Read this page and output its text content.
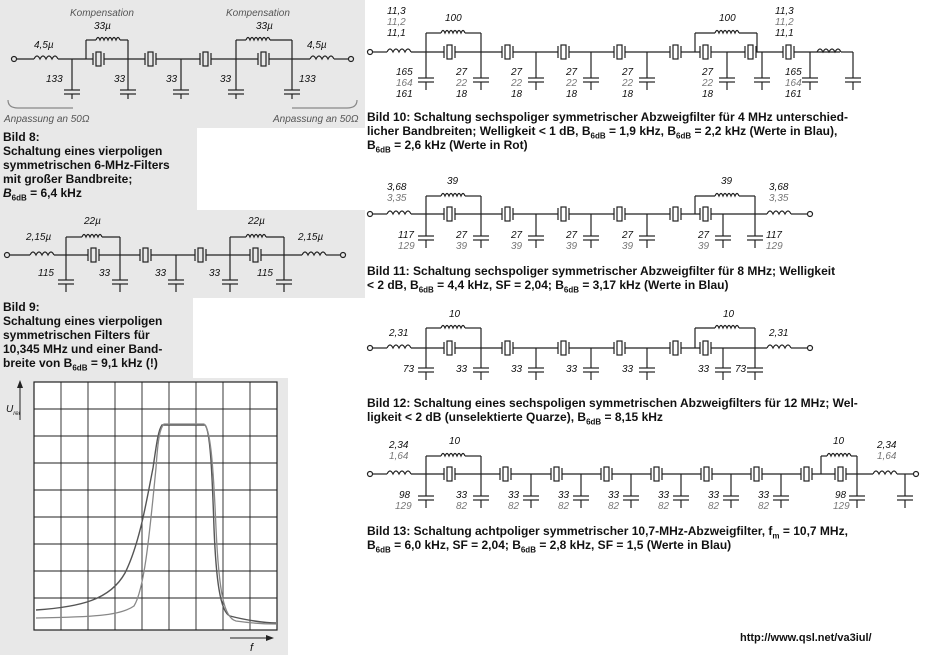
Kompensation	Kompensation
4,5µ	4,5µ
33µ	33µ
133	33	33	33	133
Anpassung an 50Ω	Anpassung an 50Ω
Bild 8:
Schaltung eines vierpoligen
symmetrischen 6-MHz-Filters
mit großer Bandbreite;
$B_{6dB} = 6,4$ kHz
2,15µ	2,15µ
22µ	22µ
115	33	33	33	115
Bild 9:
Schaltung eines vierpoligen
symmetrischen Filters für
10,345 MHz und einer Band-
breite von $B_{6dB} = 9,1$ kHz (!)
$U_{rel}$
f
11,3
11,2
11,1
100	100
11,3
11,2
11,1
165
164
161
27
22
18
27
22
18
27
22
18
27
22
18
27
22
18
165
164
161
Bild 10: Schaltung sechspoliger symmetrischer Abzweigfilter für 4 MHz unterschied-
licher Bandbreiten; Welligkeit < 1 dB, $B_{6dB} = 1,9$ kHz, $B_{6dB} = 2,2$ kHz (Werte in Blau),
$B_{6dB} = 2,6$ kHz (Werte in Rot)
3,68
3,35
39	39
3,68
3,35
117
129
27
39
27
39
27
39
27
39
27
39
117
129
Bild 11: Schaltung sechspoliger symmetrischer Abzweigfilter für 8 MHz; Welligkeit
< 2 dB, $B_{6dB} = 4,4$ kHz, SF = 2,04; $B_{6dB} = 3,17$ kHz (Werte in Blau)
2,31
10	10
2,31
73	33	33	33	33	33	73
Bild 12: Schaltung eines sechspoligen symmetrischen Abzweigfilters für 12 MHz; Wel-
ligkeit < 2 dB (unselektierte Quarze), $B_{6dB} = 8,15$ kHz
2,34
1,64
10	10	2,34
1,64
98
129
33
82
33
82
33
82
33
82
33
82
33
82
33
82
98
129
Bild 13: Schaltung achtpoliger symmetrischer 10,7-MHz-Abzweigfilter, $f_m = 10,7$ MHz,
$B_{6dB} = 6,0$ kHz, SF = 2,04; $B_{6dB} = 2,8$ kHz, SF = 1,5 (Werte in Blau)
http://www.qsl.net/va3iul/
